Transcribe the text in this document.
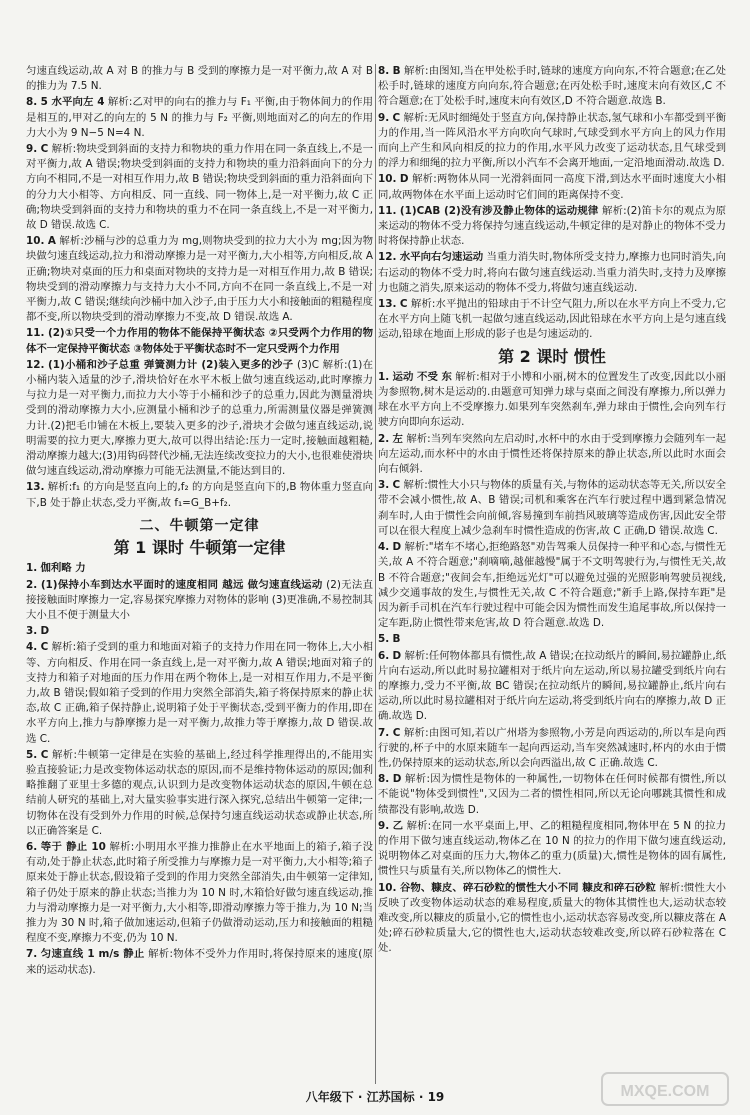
匀速直线运动,故 A 对 B 的推力与 B 受到的摩擦力是一对平衡力,故 A 对 B 的推力为 7.5 N.

8. 5 水平向左 4 解析:乙对甲的向右的推力与 F₁ 平衡,由于物体间力的作用是相互的,甲对乙的向左的 5 N 的推力与 F₂ 平衡,则地面对乙的向左的作用力大小为 9 N−5 N=4 N.

9. C 解析:物块受到斜面的支持力和物块的重力作用在同一条直线上,不是一对平衡力,故 A 错误;物块受到斜面的支持力和物块的重力沿斜面向下的分力方向不相同,不是一对相互作用力,故 B 错误;物块受到斜面的重力沿斜面向下的分力大小相等、方向相反、同一直线、同一物体上,是一对平衡力,故 C 正确;物块受到斜面的支持力和物块的重力不在同一条直线上,不是一对平衡力,故 D 错误.故选 C.

10. A 解析:沙桶与沙的总重力为 mg,则物块受到的拉力大小为 mg;因为物块做匀速直线运动,拉力和滑动摩擦力是一对平衡力,大小相等,方向相反,故 A 正确;物块对桌面的压力和桌面对物块的支持力是一对相互作用力,故 B 错误;物块受到的滑动摩擦力与支持力大小不同,方向不在同一条直线上,不是一对平衡力,故 C 错误;继续向沙桶中加入沙子,由于压力大小和接触面的粗糙程度都不变,所以物块受到的滑动摩擦力不变,故 D 错误.故选 A.

11. (2)①只受一个力作用的物体不能保持平衡状态 ②只受两个力作用的物体不一定保持平衡状态 ③物体处于平衡状态时不一定只受两个力作用

12. (1)小桶和沙子总重 弹簧测力计 (2)装入更多的沙子 (3)C 解析:(1)在小桶内装入适量的沙子,滑块恰好在水平木板上做匀速直线运动,此时摩擦力与拉力是一对平衡力,而拉力大小等于小桶和沙子的总重力,因此为测量滑块受到的滑动摩擦力大小,应测量小桶和沙子的总重力,所需测量仪器是弹簧测力计.(2)把毛巾铺在木板上,要装入更多的沙子,滑块才会做匀速直线运动,说明需要的拉力更大,摩擦力更大,故可以得出结论:压力一定时,接触面越粗糙,滑动摩擦力越大;(3)用钩码替代沙桶,无法连续改变拉力的大小,也很难使滑块做匀速直线运动,滑动摩擦力可能无法测量,不能达到目的.

13. 解析:f₁ 的方向是竖直向上的,f₂ 的方向是竖直向下的,B 物体重力竖直向下,B 处于静止状态,受力平衡,故 f₁=G_B+f₂.

二、牛顿第一定律
第 1 课时 牛顿第一定律

1. 伽利略 力

2. (1)保持小车到达水平面时的速度相同 越远 做匀速直线运动 (2)无法直接接触面时摩擦力一定,容易探究摩擦力对物体的影响 (3)更准确,不易控制其大小且不便于测量大小

3. D

4. C 解析:箱子受到的重力和地面对箱子的支持力作用在同一物体上,大小相等、方向相反、作用在同一条直线上,是一对平衡力,故 A 错误;地面对箱子的支持力和箱子对地面的压力作用在两个物体上,是一对相互作用力,不是平衡力,故 B 错误;假如箱子受到的作用力突然全部消失,箱子将保持原来的静止状态,故 C 正确,箱子保持静止,说明箱子处于平衡状态,受到平衡力的作用,即在水平方向上,推力与静摩擦力是一对平衡力,故推力等于摩擦力,故 D 错误.故选 C.

5. C 解析:牛顿第一定律是在实验的基础上,经过科学推理得出的,不能用实验直接验证;力是改变物体运动状态的原因,而不是维持物体运动的原因;伽利略推翻了亚里士多德的观点,认识到力是改变物体运动状态的原因,牛顿在总结前人研究的基础上,对大量实验事实进行深入探究,总结出牛顿第一定律;一切物体在没有受到外力作用的时候,总保持匀速直线运动状态或静止状态,所以正确答案是 C.

6. 等于 静止 10 解析:小明用水平推力推静止在水平地面上的箱子,箱子没有动,处于静止状态,此时箱子所受推力与摩擦力是一对平衡力,大小相等;箱子原来处于静止状态,假设箱子受到的作用力突然全部消失,由牛顿第一定律知,箱子仍处于原来的静止状态;当推力为 10 N 时,木箱恰好做匀速直线运动,推力与滑动摩擦力是一对平衡力,大小相等,即滑动摩擦力等于推力,为 10 N;当推力为 30 N 时,箱子做加速运动,但箱子仍做滑动运动,压力和接触面的粗糙程度不变,摩擦力不变,仍为 10 N.

7. 匀速直线 1 m/s 静止 解析:物体不受外力作用时,将保持原来的速度(原来的运动状态).

8. B 解析:由图知,当在甲处松手时,链球的速度方向向东,不符合题意;在乙处松手时,链球的速度方向向东,符合题意;在丙处松手时,速度末向有效区,C 不符合题意;在丁处松手时,速度末向有效区,D 不符合题意.故选 B.

9. C 解析:无风时细绳处于竖直方向,保持静止状态,氢气球和小车都受到平衡力的作用,当一阵风沿水平方向吹向气球时,气球受到水平方向上的风力作用而向上产生和风向相反的拉力的作用,水平风力改变了运动状态,且气球受到的浮力和细绳的拉力平衡,所以小汽车不会离开地面,一定沿地面滑动.故选 D.

10. D 解析:两物体从同一光滑斜面同一高度下滑,到达水平面时速度大小相同,故两物体在水平面上运动时它们间的距离保持不变.

11. (1)CAB (2)没有涉及静止物体的运动规律 解析:(2)笛卡尔的观点为原来运动的物体不受力将保持匀速直线运动,牛顿定律的是对静止的物体不受力时将保持静止状态.

12. 水平向右匀速运动 当重力消失时,物体所受支持力,摩擦力也同时消失,向右运动的物体不受力时,将向右做匀速直线运动.当重力消失时,支持力及摩擦力也随之消失,原来运动的物体不受力,将做匀速直线运动.

13. C 解析:水平抛出的铅球由于不计空气阻力,所以在水平方向上不受力,它在水平方向上随飞机一起做匀速直线运动,因此铅球在水平方向上是匀速直线运动,铅球在地面上形成的影子也是匀速运动的.

第 2 课时 惯性

1. 运动 不受 东 解析:相对于小博和小丽,树木的位置发生了改变,因此以小丽为参照物,树木是运动的.由题意可知弹力球与桌面之间没有摩擦力,所以弹力球在水平方向上不受摩擦力.如果列车突然刹车,弹力球由于惯性,会向列车行驶方向即向东运动.

2. 左 解析:当列车突然向左启动时,水杯中的水由于受到摩擦力会随列车一起向左运动,而水杯中的水由于惯性还将保持原来的静止状态,所以此时水面会向右倾斜.

3. C 解析:惯性大小只与物体的质量有关,与物体的运动状态等无关,所以安全带不会减小惯性,故 A、B 错误;司机和乘客在汽车行驶过程中遇到紧急情况刹车时,人由于惯性会向前倾,容易撞到车前挡风玻璃等造成伤害,因此安全带可以在很大程度上减少急刹车时惯性造成的伤害,故 C 正确,D 错误.故选 C.

4. D 解析:"堵车不堵心,拒绝路怒"劝告驾乘人员保持一种平和心态,与惯性无关,故 A 不符合题意;"刹嘀嘀,越催越慢"属于不文明驾驶行为,与惯性无关,故 B 不符合题意;"夜间会车,拒绝远光灯"可以避免过强的光照影响驾驶员视线,减少交通事故的发生,与惯性无关,故 C 不符合题意;"新手上路,保持车距"是因为新手司机在汽车行驶过程中可能会因为惯性而发生追尾事故,所以保持一定车距,防止惯性带来危害,故 D 符合题意.故选 D.

5. B

6. D 解析:任何物体都具有惯性,故 A 错误;在拉动纸片的瞬间,易拉罐静止,纸片向右运动,所以此时易拉罐相对于纸片向左运动,所以易拉罐受到纸片向右的摩擦力,受力不平衡,故 BC 错误;在拉动纸片的瞬间,易拉罐静止,纸片向右运动,所以此时易拉罐相对于纸片向左运动,将受到纸片向右的摩擦力,故 D 正确.故选 D.

7. C 解析:由图可知,若以广州塔为参照物,小芳是向西运动的,所以车是向西行驶的,杯子中的水原来随车一起向西运动,当车突然减速时,杯内的水由于惯性,仍保持原来的运动状态,所以会向西溢出,故 C 正确.故选 C.

8. D 解析:因为惯性是物体的一种属性,一切物体在任何时候都有惯性,所以不能说"物体受到惯性",又因为二者的惯性相同,所以无论向哪跳其惯性和成绩都没有影响,故选 D.

9. 乙 解析:在同一水平桌面上,甲、乙的粗糙程度相同,物体甲在 5 N 的拉力的作用下做匀速直线运动,物体乙在 10 N 的拉力的作用下做匀速直线运动,说明物体乙对桌面的压力大,物体乙的重力(质量)大,惯性是物体的固有属性,惯性只与质量有关,所以物体乙的惯性大.

10. 谷物、糠皮、碎石砂粒的惯性大小不同 糠皮和碎石砂粒 解析:惯性大小反映了改变物体运动状态的难易程度,质量大的物体其惯性也大,运动状态较难改变,所以糠皮的质量小,它的惯性也小,运动状态容易改变,所以糠皮落在 A 处;碎石砂粒质量大,它的惯性也大,运动状态较难改变,所以碎石砂粒落在 C 处.

八年级下 · 江苏国标 · 19	MXQE.COM
